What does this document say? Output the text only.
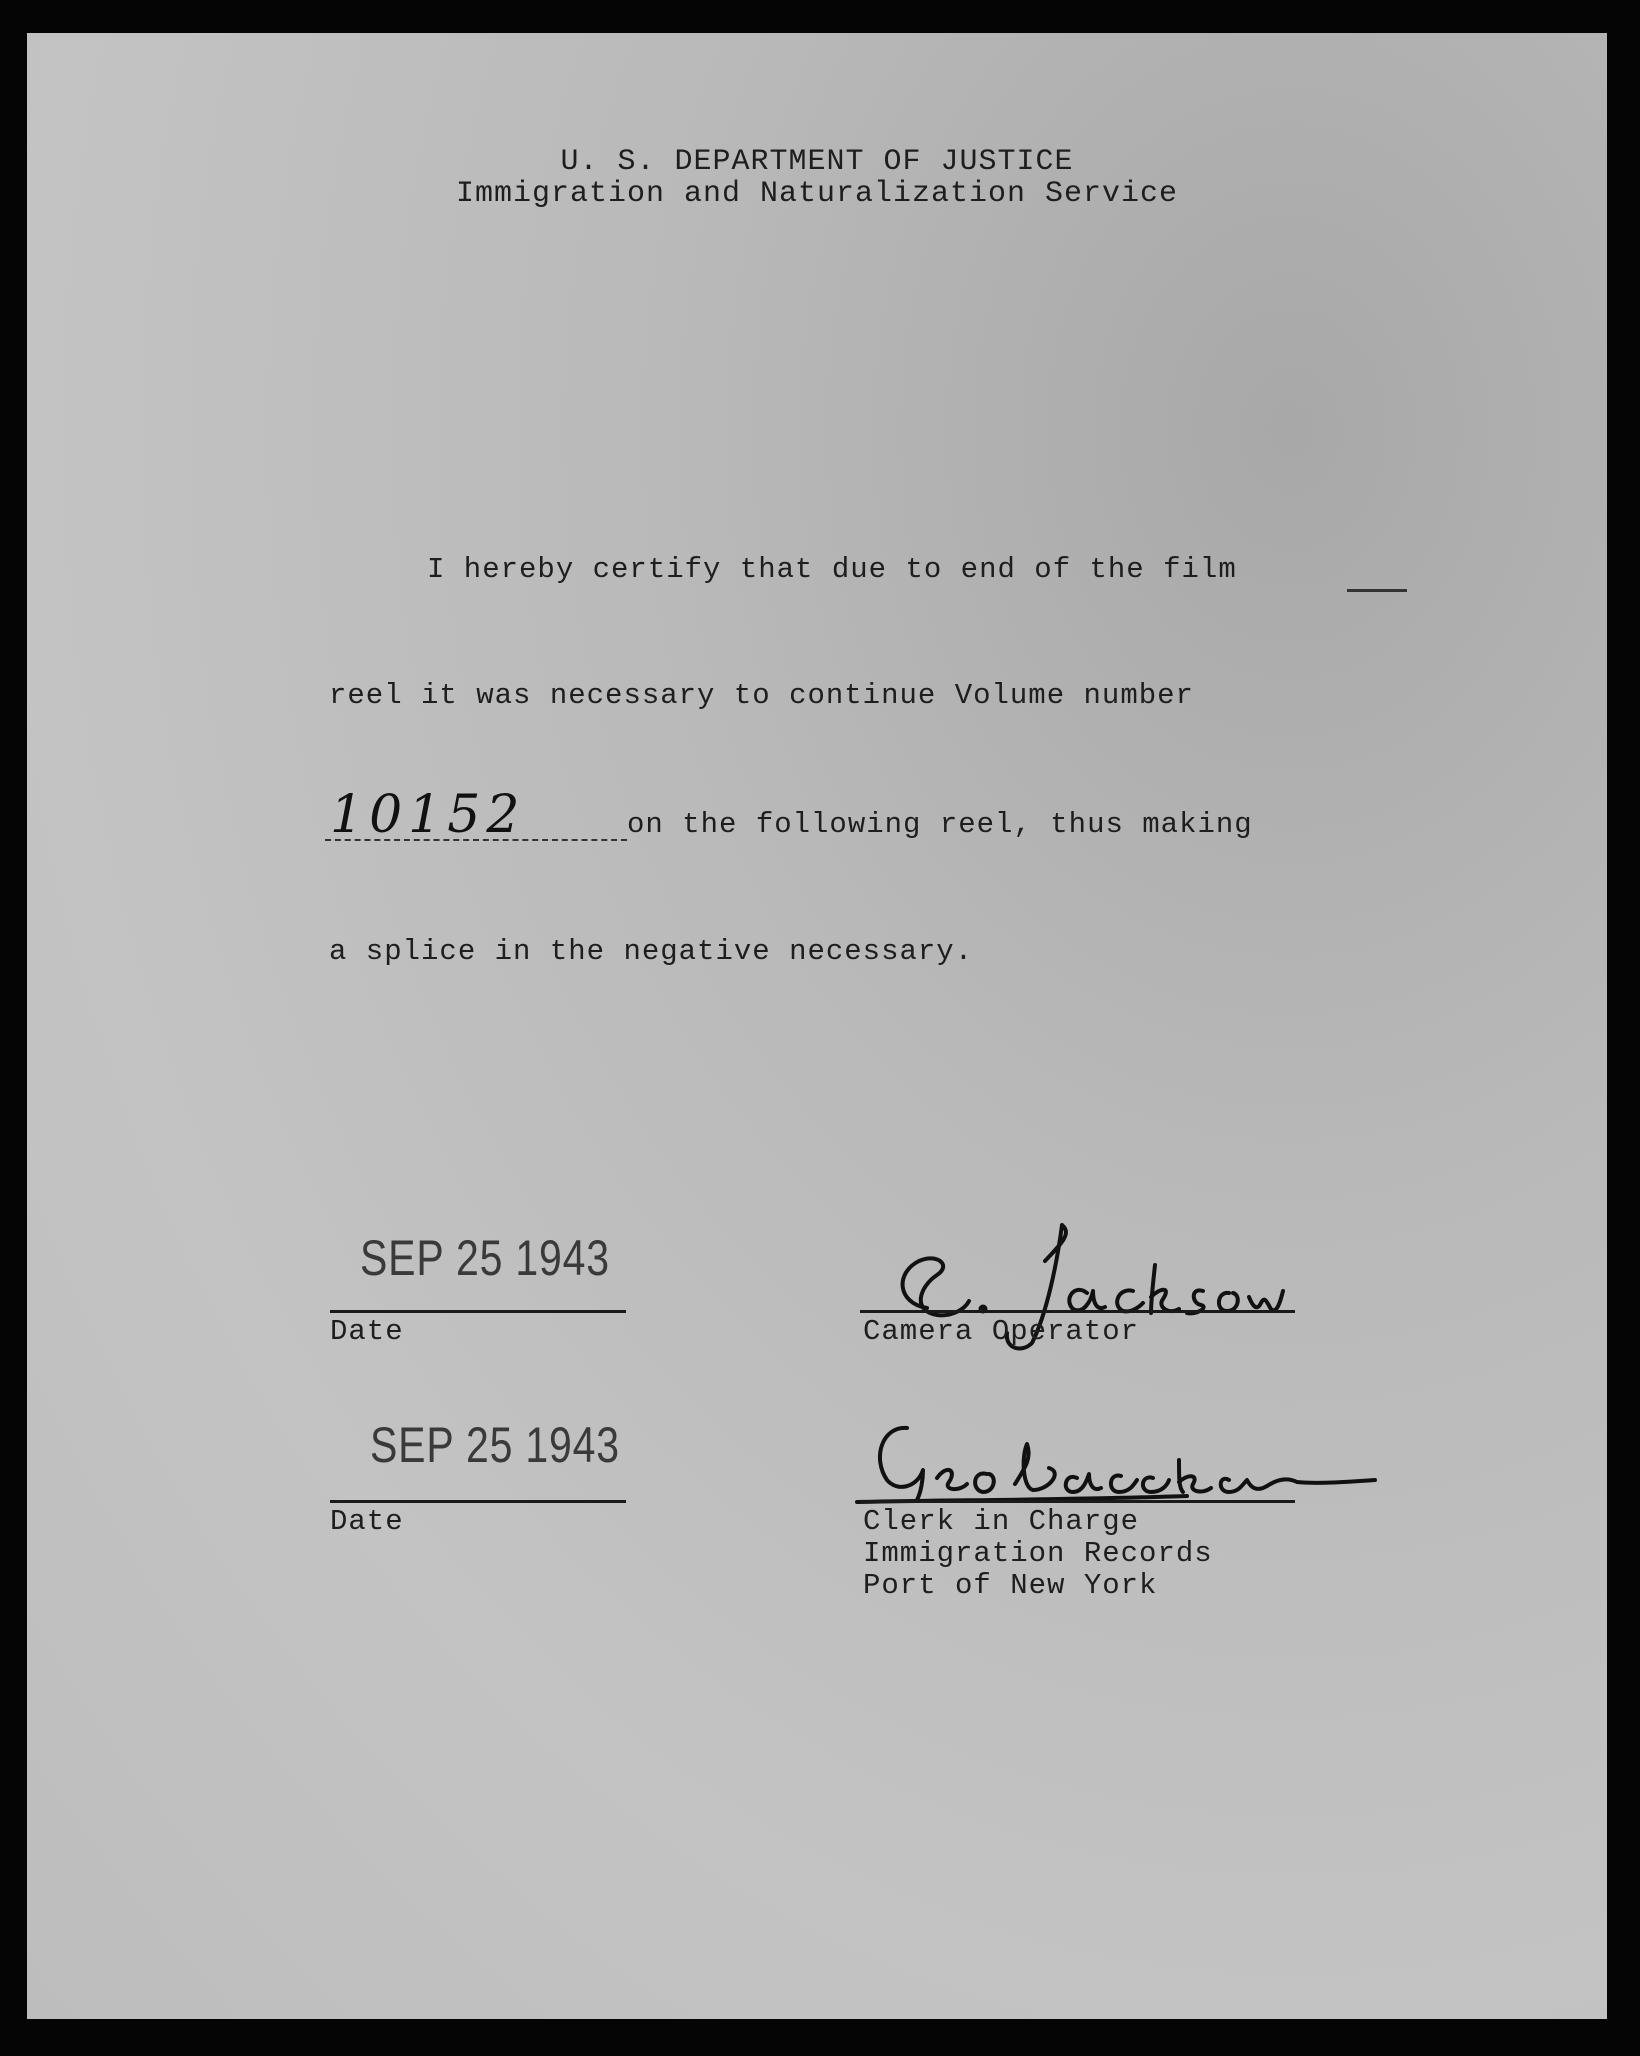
U. S. DEPARTMENT OF JUSTICE
Immigration and Naturalization Service
I hereby certify that due to end of the film
reel it was necessary to continue Volume number
10152	on the following reel, thus making
a splice in the negative necessary.
SEP 25 1943
Date	Camera Operator
SEP 25 1943
Date	Clerk in Charge
Immigration Records
Port of New York
